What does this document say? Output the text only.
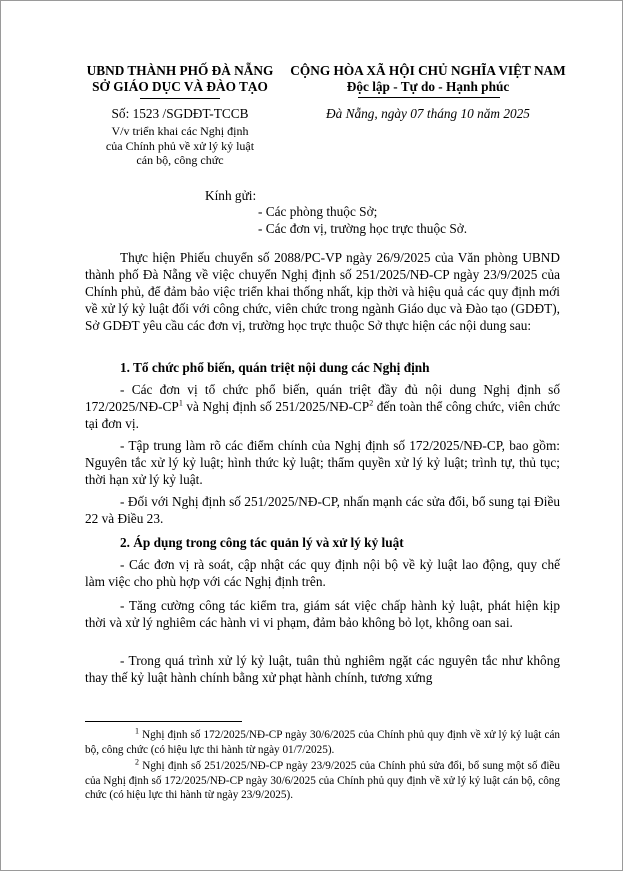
UBND THÀNH PHỐ ĐÀ NẴNG
SỞ GIÁO DỤC VÀ ĐÀO TẠO
Số: 1523 /SGDĐT-TCCB
V/v triển khai các Nghị định
của Chính phủ về xử lý kỷ luật
cán bộ, công chức
CỘNG HÒA XÃ HỘI CHỦ NGHĨA VIỆT NAM
Độc lập - Tự do - Hạnh phúc
Đà Nẵng, ngày 07 tháng 10 năm 2025
Kính gửi:
- Các phòng thuộc Sở;
- Các đơn vị, trường học trực thuộc Sở.

Thực hiện Phiếu chuyển số 2088/PC-VP ngày 26/9/2025 của Văn phòng UBND thành phố Đà Nẵng về việc chuyển Nghị định số 251/2025/NĐ-CP ngày 23/9/2025 của Chính phủ, để đảm bảo việc triển khai thống nhất, kịp thời và hiệu quả các quy định mới về xử lý kỷ luật đối với công chức, viên chức trong ngành Giáo dục và Đào tạo (GDĐT), Sở GDĐT yêu cầu các đơn vị, trường học trực thuộc Sở thực hiện các nội dung sau:

1. Tổ chức phổ biến, quán triệt nội dung các Nghị định

- Các đơn vị tổ chức phổ biến, quán triệt đầy đủ nội dung Nghị định số $172/2025/NĐ-CP^1$ và Nghị định số $251/2025/NĐ-CP^2$ đến toàn thể công chức, viên chức tại đơn vị.

- Tập trung làm rõ các điểm chính của Nghị định số 172/2025/NĐ-CP, bao gồm: Nguyên tắc xử lý kỷ luật; hình thức kỷ luật; thẩm quyền xử lý kỷ luật; trình tự, thủ tục; thời hạn xử lý kỷ luật.

- Đối với Nghị định số 251/2025/NĐ-CP, nhấn mạnh các sửa đổi, bổ sung tại Điều 22 và Điều 23.

2. Áp dụng trong công tác quản lý và xử lý kỷ luật

- Các đơn vị rà soát, cập nhật các quy định nội bộ về kỷ luật lao động, quy chế làm việc cho phù hợp với các Nghị định trên.

- Tăng cường công tác kiểm tra, giám sát việc chấp hành kỷ luật, phát hiện kịp thời và xử lý nghiêm các hành vi vi phạm, đảm bảo không bỏ lọt, không oan sai.

- Trong quá trình xử lý kỷ luật, tuân thủ nghiêm ngặt các nguyên tắc như không thay thế kỷ luật hành chính bằng xử phạt hành chính, tương xứng

$^1$ Nghị định số 172/2025/NĐ-CP ngày 30/6/2025 của Chính phủ quy định về xử lý kỷ luật cán bộ, công chức (có hiệu lực thi hành từ ngày 01/7/2025).

$^2$ Nghị định số 251/2025/NĐ-CP ngày 23/9/2025 của Chính phủ sửa đổi, bổ sung một số điều của Nghị định số 172/2025/NĐ-CP ngày 30/6/2025 của Chính phủ quy định về xử lý kỷ luật cán bộ, công chức (có hiệu lực thi hành từ ngày 23/9/2025).
